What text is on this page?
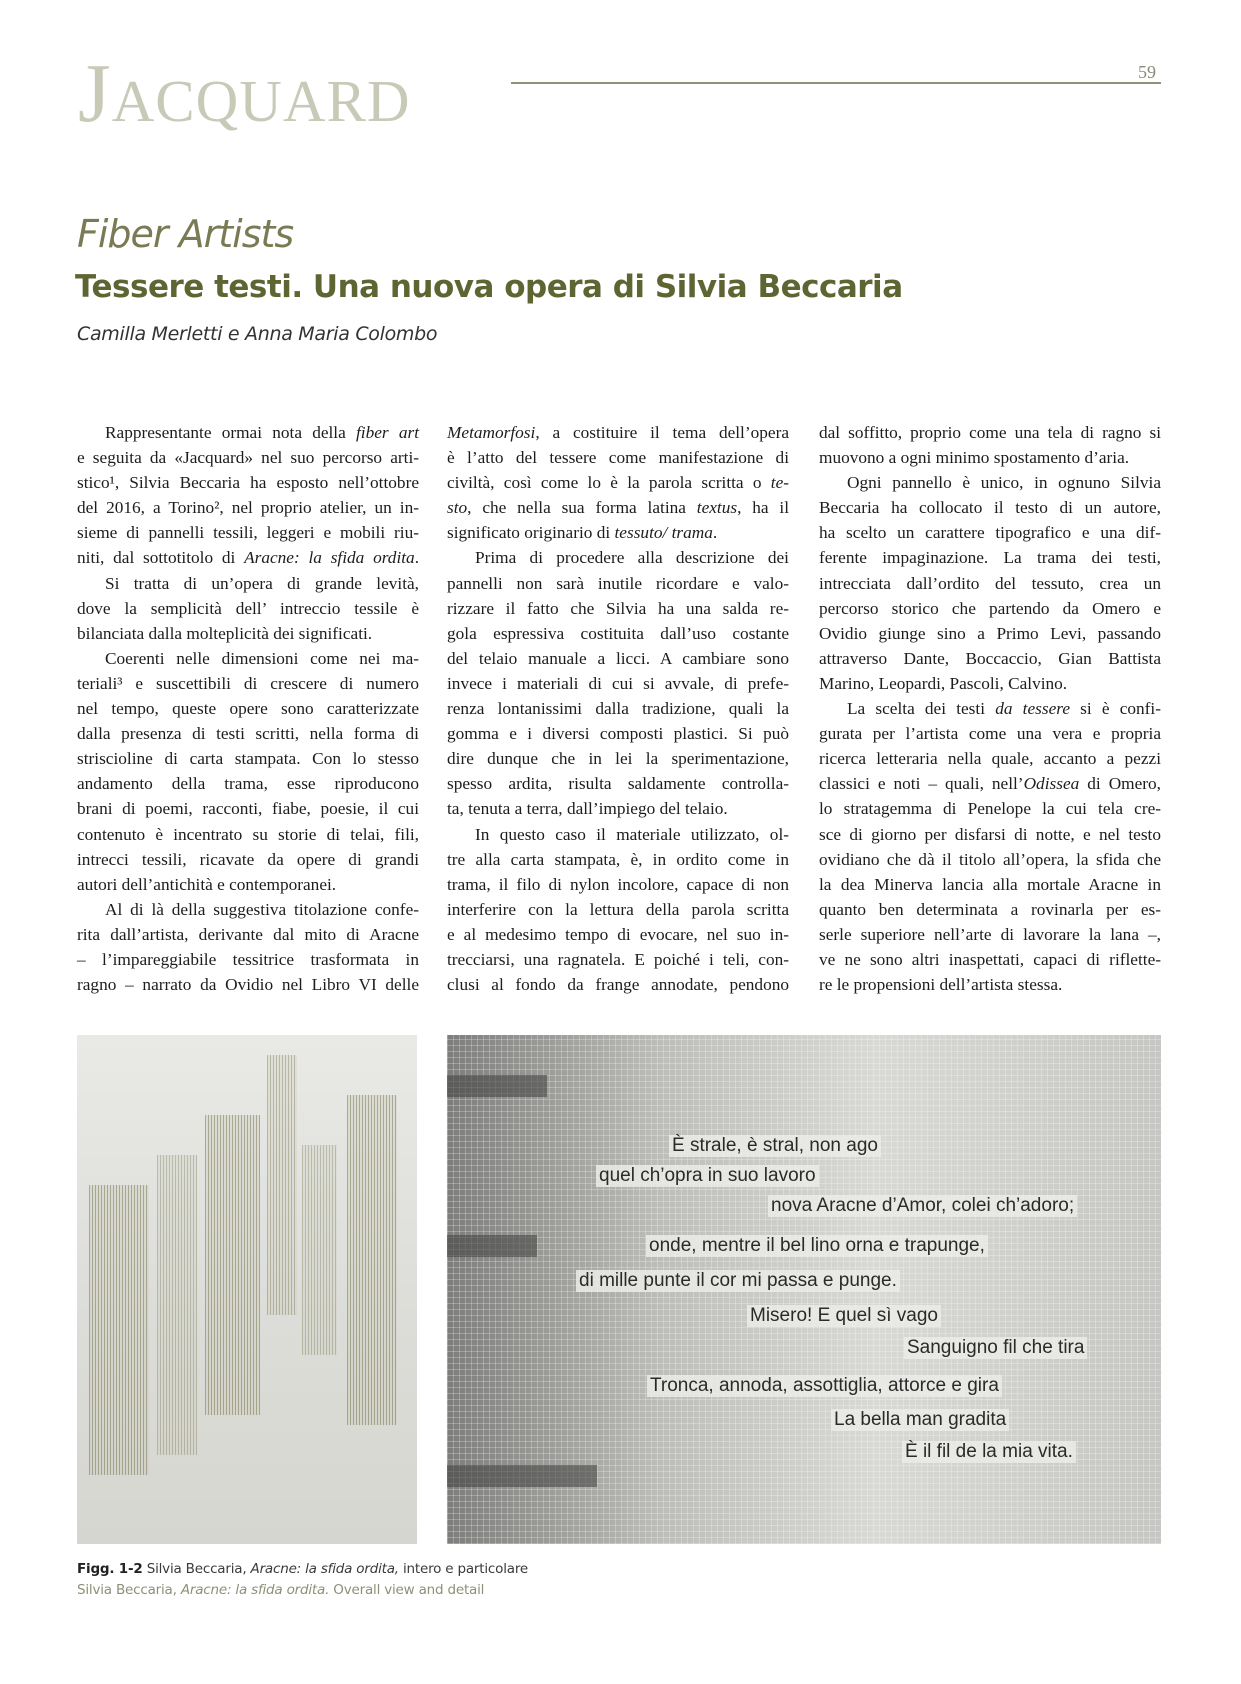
Jacquard	59
Fiber Artists
Tessere testi. Una nuova opera di Silvia Beccaria
Camilla Merletti e Anna Maria Colombo
Rappresentante ormai nota della fiber art
e seguita da «Jacquard» nel suo percorso arti-
stico¹, Silvia Beccaria ha esposto nell’ottobre
del 2016, a Torino², nel proprio atelier, un in-
sieme di pannelli tessili, leggeri e mobili riu-
niti, dal sottotitolo di Aracne: la sfida ordita.
Si tratta di un’opera di grande levità,
dove la semplicità dell’ intreccio tessile è
bilanciata dalla molteplicità dei significati.
Coerenti nelle dimensioni come nei ma-
teriali³ e suscettibili di crescere di numero
nel tempo, queste opere sono caratterizzate
dalla presenza di testi scritti, nella forma di
striscioline di carta stampata. Con lo stesso
andamento della trama, esse riproducono
brani di poemi, racconti, fiabe, poesie, il cui
contenuto è incentrato su storie di telai, fili,
intrecci tessili, ricavate da opere di grandi
autori dell’antichità e contemporanei.
Al di là della suggestiva titolazione confe-
rita dall’artista, derivante dal mito di Aracne
– l’impareggiabile tessitrice trasformata in
ragno – narrato da Ovidio nel Libro VI delle
Metamorfosi, a costituire il tema dell’opera
è l’atto del tessere come manifestazione di
civiltà, così come lo è la parola scritta o te-
sto, che nella sua forma latina textus, ha il
significato originario di tessuto/ trama.
Prima di procedere alla descrizione dei
pannelli non sarà inutile ricordare e valo-
rizzare il fatto che Silvia ha una salda re-
gola espressiva costituita dall’uso costante
del telaio manuale a licci. A cambiare sono
invece i materiali di cui si avvale, di prefe-
renza lontanissimi dalla tradizione, quali la
gomma e i diversi composti plastici. Si può
dire dunque che in lei la sperimentazione,
spesso ardita, risulta saldamente controlla-
ta, tenuta a terra, dall’impiego del telaio.
In questo caso il materiale utilizzato, ol-
tre alla carta stampata, è, in ordito come in
trama, il filo di nylon incolore, capace di non
interferire con la lettura della parola scritta
e al medesimo tempo di evocare, nel suo in-
trecciarsi, una ragnatela. E poiché i teli, con-
clusi al fondo da frange annodate, pendono
dal soffitto, proprio come una tela di ragno si
muovono a ogni minimo spostamento d’aria.
Ogni pannello è unico, in ognuno Silvia
Beccaria ha collocato il testo di un autore,
ha scelto un carattere tipografico e una dif-
ferente impaginazione. La trama dei testi,
intrecciata dall’ordito del tessuto, crea un
percorso storico che partendo da Omero e
Ovidio giunge sino a Primo Levi, passando
attraverso Dante, Boccaccio, Gian Battista
Marino, Leopardi, Pascoli, Calvino.
La scelta dei testi da tessere si è confi-
gurata per l’artista come una vera e propria
ricerca letteraria nella quale, accanto a pezzi
classici e noti – quali, nell’Odissea di Omero,
lo stratagemma di Penelope la cui tela cre-
sce di giorno per disfarsi di notte, e nel testo
ovidiano che dà il titolo all’opera, la sfida che
la dea Minerva lancia alla mortale Aracne in
quanto ben determinata a rovinarla per es-
serle superiore nell’arte di lavorare la lana –,
ve ne sono altri inaspettati, capaci di riflette-
re le propensioni dell’artista stessa.
È strale, è stral, non ago
quel ch’opra in suo lavoro
nova Aracne d’Amor, colei ch’adoro;
onde, mentre il bel lino orna e trapunge,
di mille punte il cor mi passa e punge.
Misero! E quel sì vago
Sanguigno fil che tira
Tronca, annoda, assottiglia, attorce e gira
La bella man gradita
È il fil de la mia vita.
Figg. 1-2 Silvia Beccaria, Aracne: la sfida ordita, intero e particolare
Silvia Beccaria, Aracne: la sfida ordita. Overall view and detail
